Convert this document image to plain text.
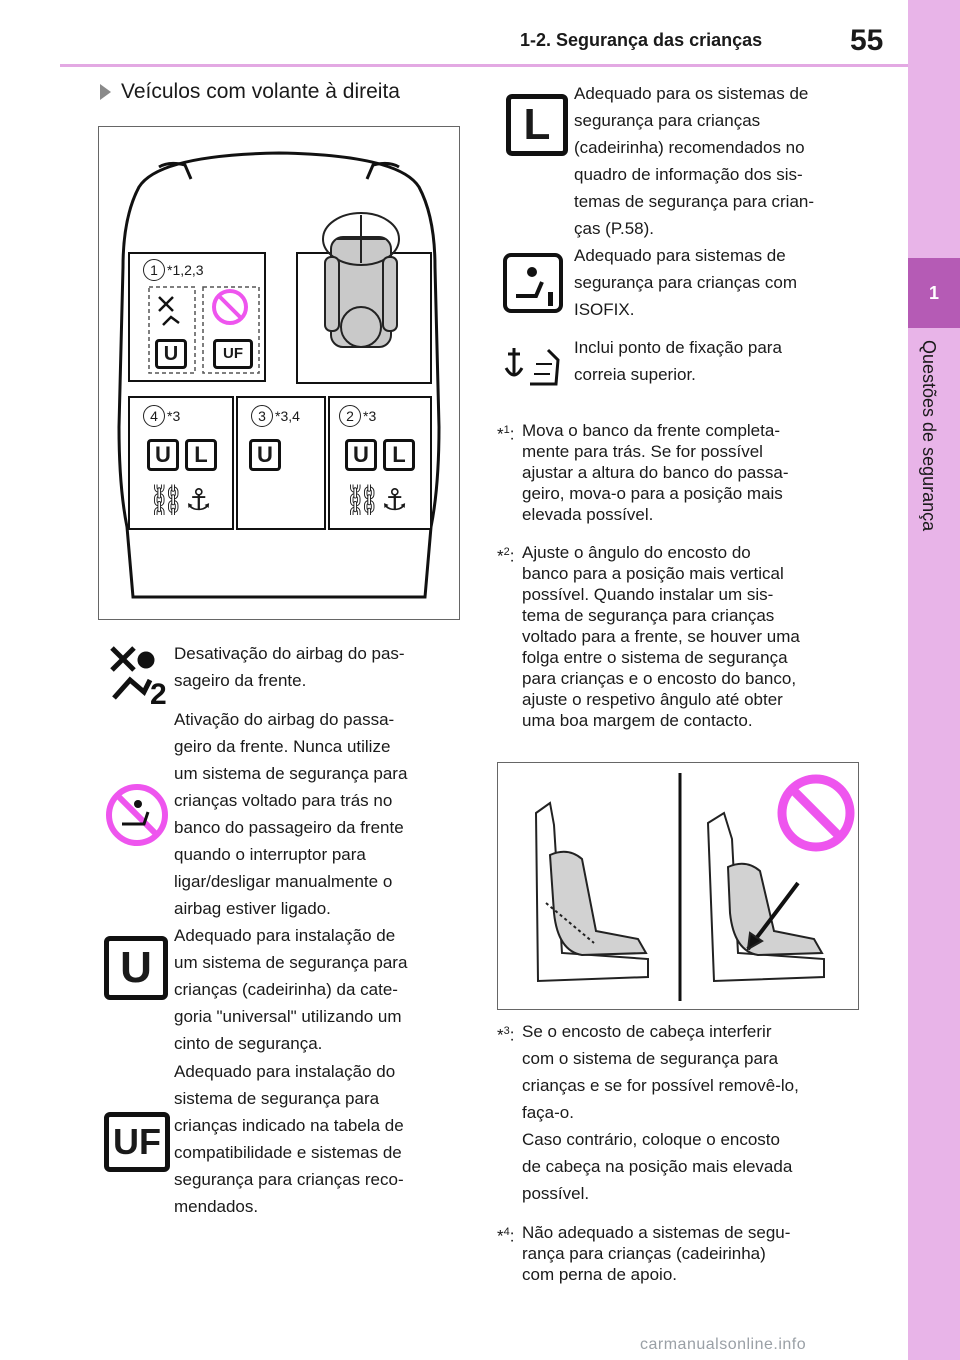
1-2. Segurança das crianças	55
1
Questões de segurança
Veículos com volante à direita
1 *1,2,3
U	UF
4 *3
U	L
⛓⚓
3 *3,4
U
2 *3
U	L
⛓⚓
2
Desativação do airbag do pas-
sageiro da frente.
Ativação do airbag do passa-
geiro da frente. Nunca utilize
um sistema de segurança para
crianças voltado para trás no
banco do passageiro da frente
quando o interruptor para
ligar/desligar manualmente o
airbag estiver ligado.
U
Adequado para instalação de
um sistema de segurança para
crianças (cadeirinha) da cate-
goria "universal" utilizando um
cinto de segurança.
UF
Adequado para instalação do
sistema de segurança para
crianças indicado na tabela de
compatibilidade e sistemas de
segurança para crianças reco-
mendados.
L
Adequado para os sistemas de
segurança para crianças
(cadeirinha) recomendados no
quadro de informação dos sis-
temas de segurança para crian-
ças (P.58).
Adequado para sistemas de
segurança para crianças com
ISOFIX.
Inclui ponto de fixação para
correia superior.
*$^1$: Mova o banco da frente completa-
mente para trás. Se for possível
ajustar a altura do banco do passa-
geiro, mova-o para a posição mais
elevada possível.
*$^2$: Ajuste o ângulo do encosto do
banco para a posição mais vertical
possível. Quando instalar um sis-
tema de segurança para crianças
voltado para a frente, se houver uma
folga entre o sistema de segurança
para crianças e o encosto do banco,
ajuste o respetivo ângulo até obter
uma boa margem de contacto.
*$^3$: Se o encosto de cabeça interferir
com o sistema de segurança para
crianças e se for possível removê-lo,
faça-o.
Caso contrário, coloque o encosto
de cabeça na posição mais elevada
possível.
*$^4$: Não adequado a sistemas de segu-
rança para crianças (cadeirinha)
com perna de apoio.
carmanualsonline.info
